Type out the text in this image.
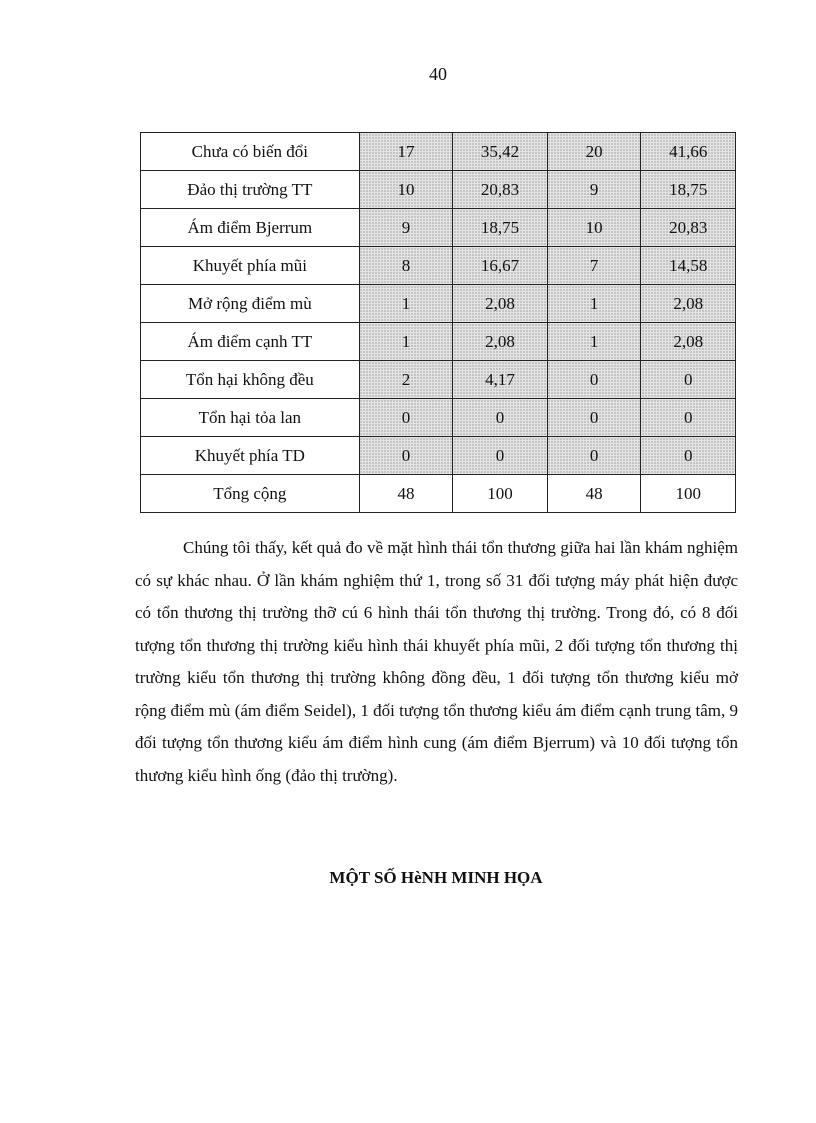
40
Chưa có biến đổi	17	35,42	20	41,66
Đảo thị trường TT	10	20,83	9	18,75
Ám điểm Bjerrum	9	18,75	10	20,83
Khuyết phía mũi	8	16,67	7	14,58
Mở rộng điểm mù	1	2,08	1	2,08
Ám điểm cạnh TT	1	2,08	1	2,08
Tổn hại không đều	2	4,17	0	0
Tổn hại tỏa lan	0	0	0	0
Khuyết phía TD	0	0	0	0
Tổng cộng	48	100	48	100

Chúng tôi thấy, kết quả đo về mặt hình thái tổn thương giữa hai lần khám nghiệm có sự khác nhau. Ở lần khám nghiệm thứ 1, trong số 31 đối tượng máy phát hiện được có tổn thương thị trường thỡ cú 6 hình thái tổn thương thị trường. Trong đó, có 8 đối tượng tổn thương thị trường kiểu hình thái khuyết phía mũi, 2 đối tượng tổn thương thị trường kiểu tổn thương thị trường không đồng đều, 1 đối tượng tổn thương kiểu mở rộng điểm mù (ám điểm Seidel), 1 đối tượng tổn thương kiểu ám điểm cạnh trung tâm, 9 đối tượng tổn thương kiểu ám điểm hình cung (ám điểm Bjerrum) và 10 đối tượng tổn thương kiểu hình ống (đảo thị trường).

MỘT SỐ HèNH MINH HỌA
